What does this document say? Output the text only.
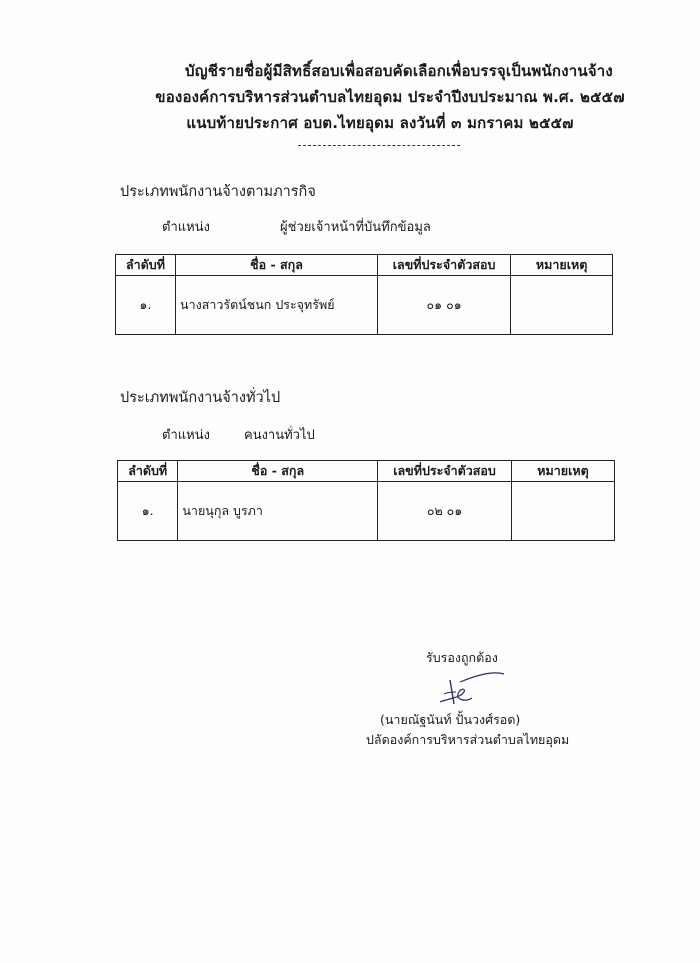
บัญชีรายชื่อผู้มีสิทธิ์สอบเพื่อสอบคัดเลือกเพื่อบรรจุเป็นพนักงานจ้าง
ขององค์การบริหารส่วนตำบลไทยอุดม ประจำปีงบประมาณ พ.ศ. ๒๕๕๗
แนบท้ายประกาศ อบต.ไทยอุดม ลงวันที่ ๓ มกราคม ๒๕๕๗
ประเภทพนักงานจ้างตามภารกิจ
ตำแหน่ง	ผู้ช่วยเจ้าหน้าที่บันทึกข้อมูล
ลำดับที่	ชื่อ - สกุล	เลขที่ประจำตัวสอบ	หมายเหตุ
๑.	นางสาวรัตน์ชนก ประจุทรัพย์	๐๑ ๐๑	
ประเภทพนักงานจ้างทั่วไป
ตำแหน่ง	คนงานทั่วไป
ลำดับที่	ชื่อ - สกุล	เลขที่ประจำตัวสอบ	หมายเหตุ
๑.	นายนุกุล บูรภา	๐๒ ๐๑	
รับรองถูกต้อง
(นายณัฐนันท์ ปั้นวงศ์รอด)
ปลัดองค์การบริหารส่วนตำบลไทยอุดม
